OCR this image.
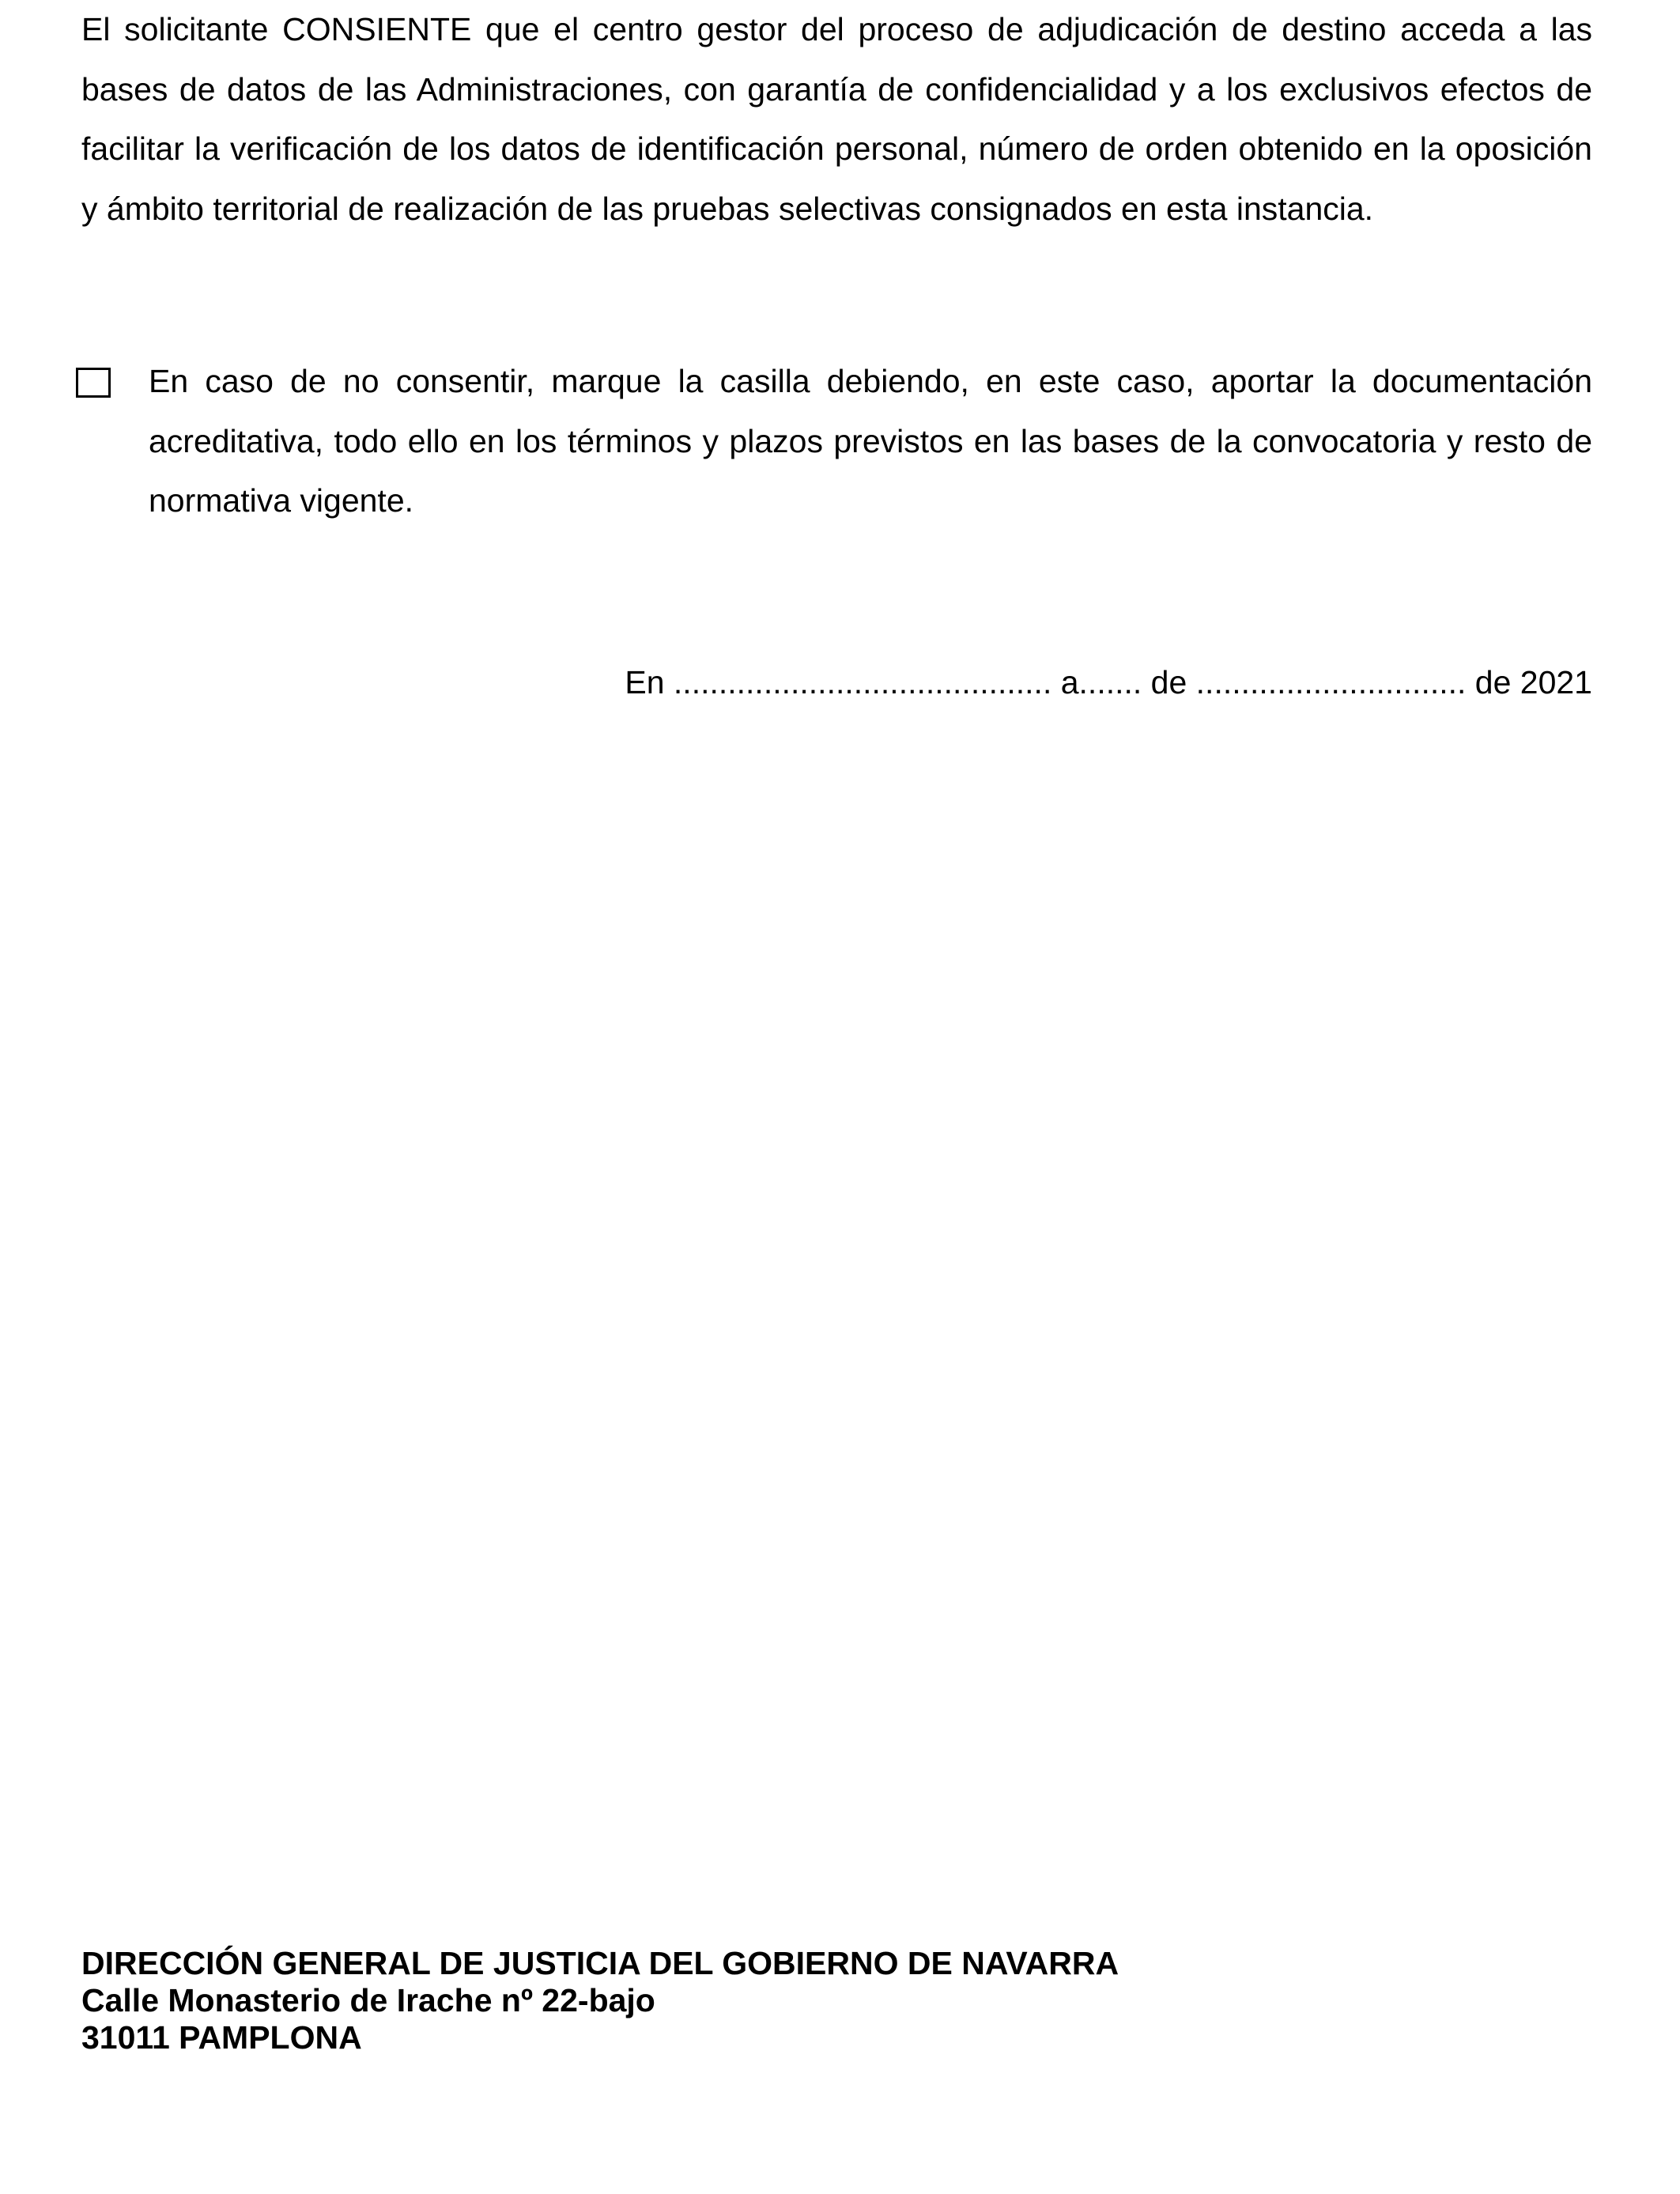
El solicitante CONSIENTE que el centro gestor del proceso de adjudicación de destino acceda a las bases de datos de las Administraciones, con garantía de confidencialidad y a los exclusivos efectos de facilitar la verificación de los datos de identificación personal, número de orden obtenido en la oposición y ámbito territorial de realización de las pruebas selectivas consignados en esta instancia.

En caso de no consentir, marque la casilla debiendo, en este caso, aportar la documentación acreditativa, todo ello en los términos y plazos previstos en las bases de la convocatoria y resto de normativa vigente.

En .......................................... a....... de .............................. de 2021

DIRECCIÓN GENERAL DE JUSTICIA DEL GOBIERNO DE NAVARRA
Calle Monasterio de Irache nº 22-bajo
31011 PAMPLONA
